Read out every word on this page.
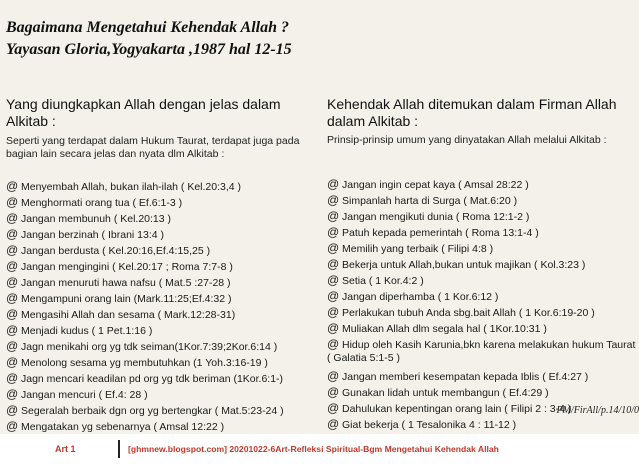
Bagaimana Mengetahui Kehendak Allah ?
Yayasan Gloria,Yogyakarta ,1987 hal 12-15
Yang diungkapkan Allah dengan jelas dalam Alkitab :
Seperti yang terdapat dalam Hukum Taurat, terdapat juga pada bagian lain secara jelas dan nyata dlm Alkitab :
@ Menyembah Allah, bukan ilah-ilah ( Kel.20:3,4 )
@ Menghormati orang tua ( Ef.6:1-3 )
@ Jangan membunuh ( Kel.20:13 )
@ Jangan berzinah ( Ibrani 13:4 )
@ Jangan berdusta ( Kel.20:16,Ef.4:15,25 )
@ Jangan mengingini ( Kel.20:17 ; Roma 7:7-8 )
@ Jangan menuruti hawa nafsu ( Mat.5 :27-28 )
@ Mengampuni orang lain (Mark.11:25;Ef.4:32 )
@ Mengasihi Allah dan sesama ( Mark.12:28-31)
@ Menjadi kudus ( 1 Pet.1:16 )
@ Jagn menikahi org yg tdk seiman(1Kor.7:39;2Kor.6:14 )
@ Menolong sesama yg membutuhkan (1 Yoh.3:16-19 )
@ Jagn mencari keadilan pd org yg tdk beriman (1Kor.6:1-)
@ Jangan mencuri ( Ef.4: 28 )
@ Segeralah berbaik dgn org yg bertengkar ( Mat.5:23-24 )
@ Mengatakan yg sebenarnya ( Amsal 12:22 )
Kehendak Allah ditemukan dalam Firman Allah dalam Alkitab :
Prinsip-prinsip umum yang dinyatakan Allah melalui Alkitab :
@ Jangan ingin cepat kaya ( Amsal 28:22 )
@ Simpanlah harta di Surga ( Mat.6:20 )
@ Jangan mengikuti dunia ( Roma 12:1-2 )
@ Patuh kepada pemerintah ( Roma 13:1-4 )
@ Memilih yang terbaik ( Filipi 4:8 )
@ Bekerja untuk Allah,bukan untuk majikan ( Kol.3:23 )
@ Setia ( 1 Kor.4:2 )
@ Jangan diperhamba ( 1 Kor.6:12 )
@ Perlakukan tubuh Anda sbg.bait Allah ( 1 Kor.6:19-20 )
@ Muliakan Allah dlm segala hal ( 1Kor.10:31 )
@ Hidup oleh Kasih Karunia,bkn karena melakukan hukum Taurat ( Galatia 5:1-5 )
@ Jangan memberi kesempatan kepada Iblis ( Ef.4:27 )
@ Gunakan lidah untuk membangun ( Ef.4:29 )
@ Dahulukan kepentingan orang lain ( Filipi 2 : 3-4 )
@ Giat bekerja ( 1 Tesalonika 4 : 11-12 )
PM/FirAll/p.14/10/0
Art 1	[ghmnew.blogspot.com] 20201022-6Art-Refleksi Spiritual-Bgm Mengetahui Kehendak Allah
